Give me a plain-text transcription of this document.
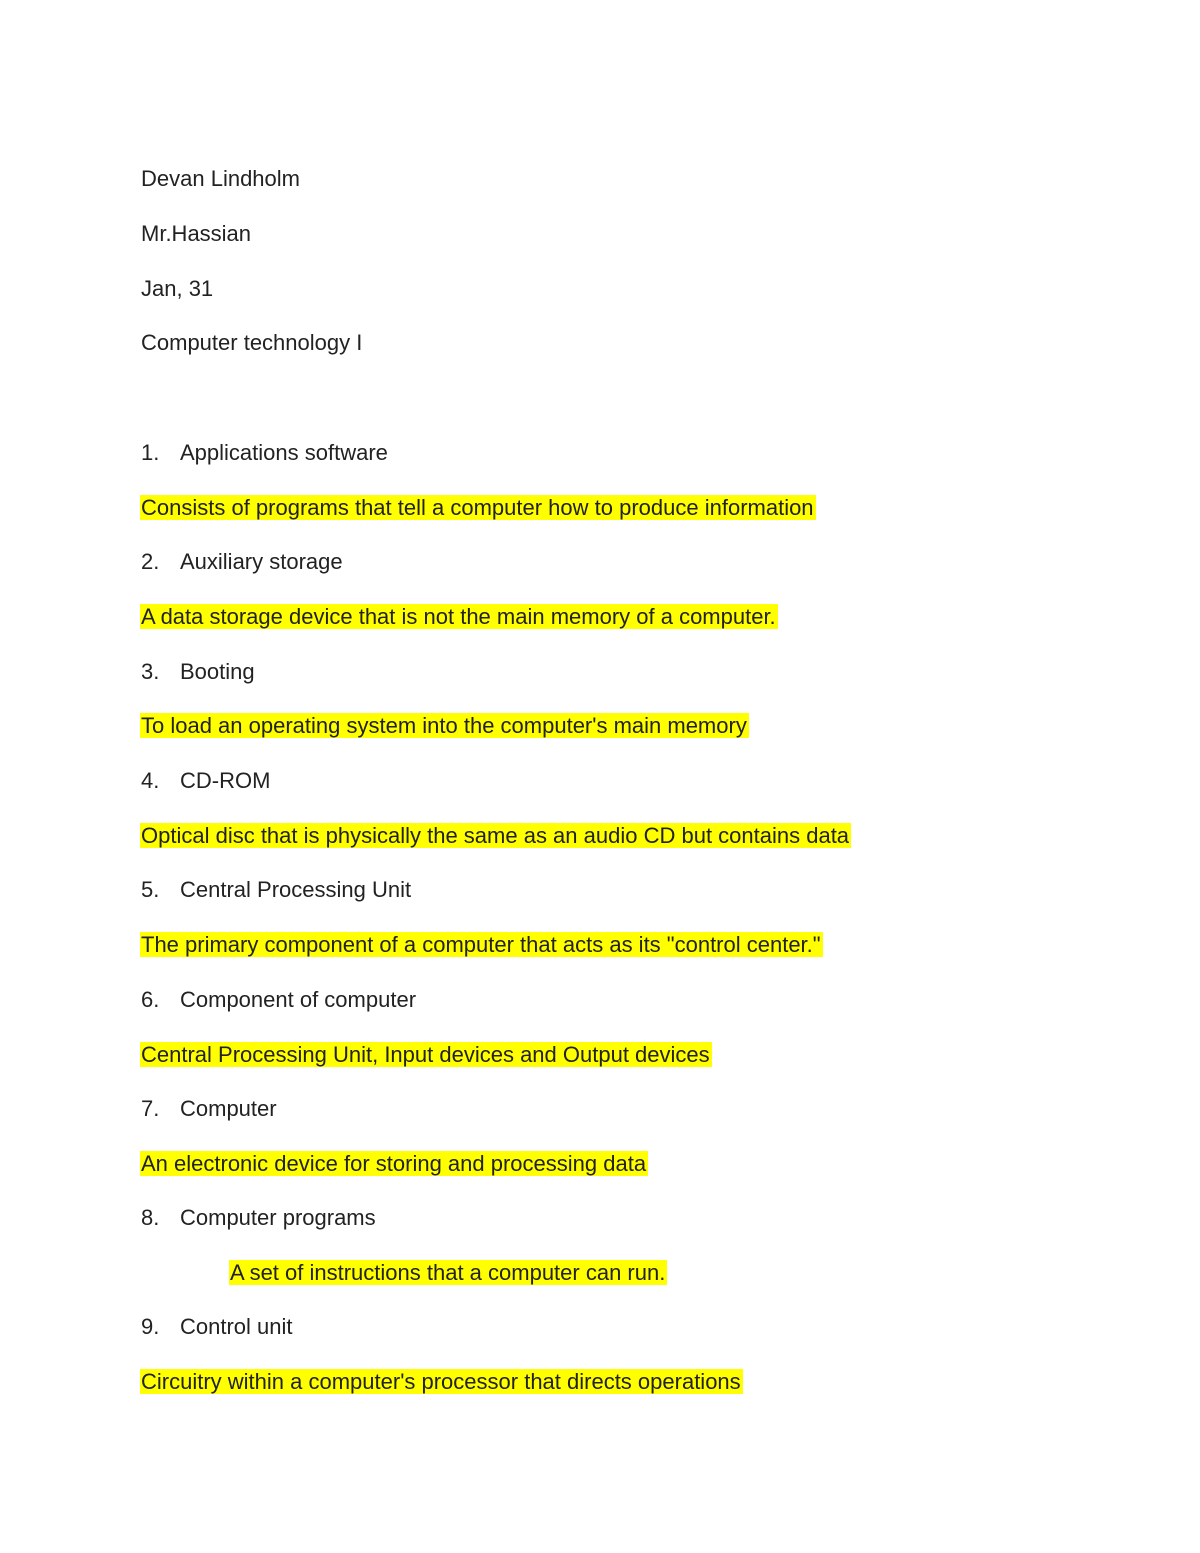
Devan Lindholm

Mr.Hassian

Jan, 31

Computer technology I

1. Applications software

Consists of programs that tell a computer how to produce information

2. Auxiliary storage

A data storage device that is not the main memory of a computer.

3. Booting

To load an operating system into the computer's main memory

4. CD-ROM

Optical disc that is physically the same as an audio CD but contains data

5. Central Processing Unit

The primary component of a computer that acts as its "control center."

6. Component of computer

Central Processing Unit, Input devices and Output devices

7. Computer

An electronic device for storing and processing data

8. Computer programs

A set of instructions that a computer can run.

9. Control unit

Circuitry within a computer's processor that directs operations
